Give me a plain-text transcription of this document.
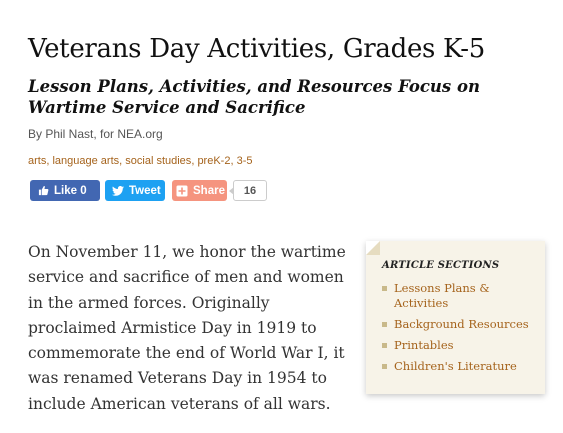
Veterans Day Activities, Grades K-5
Lesson Plans, Activities, and Resources Focus on Wartime Service and Sacrifice
By Phil Nast, for NEA.org
arts, language arts, social studies, preK-2, 3-5
Like 0	Tweet	Share	16

On November 11, we honor the wartime service and sacrifice of men and women in the armed forces. Originally proclaimed Armistice Day in 1919 to commemorate the end of World War I, it was renamed Veterans Day in 1954 to include American veterans of all wars.

ARTICLE SECTIONS
Lessons Plans & Activities
Background Resources
Printables
Children's Literature
